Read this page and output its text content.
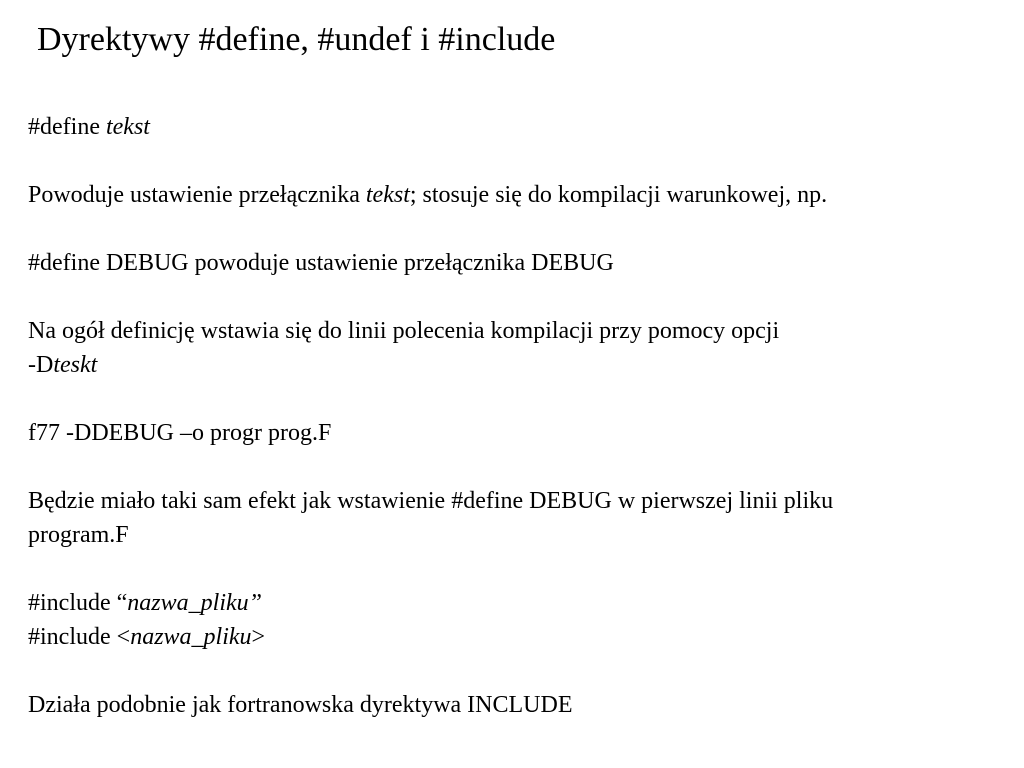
Dyrektywy #define, #undef i #include
#define tekst
Powoduje ustawienie przełącznika tekst; stosuje się do kompilacji warunkowej, np.
#define DEBUG powoduje ustawienie przełącznika DEBUG
Na ogół definicję wstawia się do linii polecenia kompilacji przy pomocy opcji
-Dteskt
f77 -DDEBUG –o progr prog.F
Będzie miało taki sam efekt jak wstawienie #define DEBUG w pierwszej linii pliku
program.F
#include “nazwa_pliku”
#include <nazwa_pliku>
Działa podobnie jak fortranowska dyrektywa INCLUDE
